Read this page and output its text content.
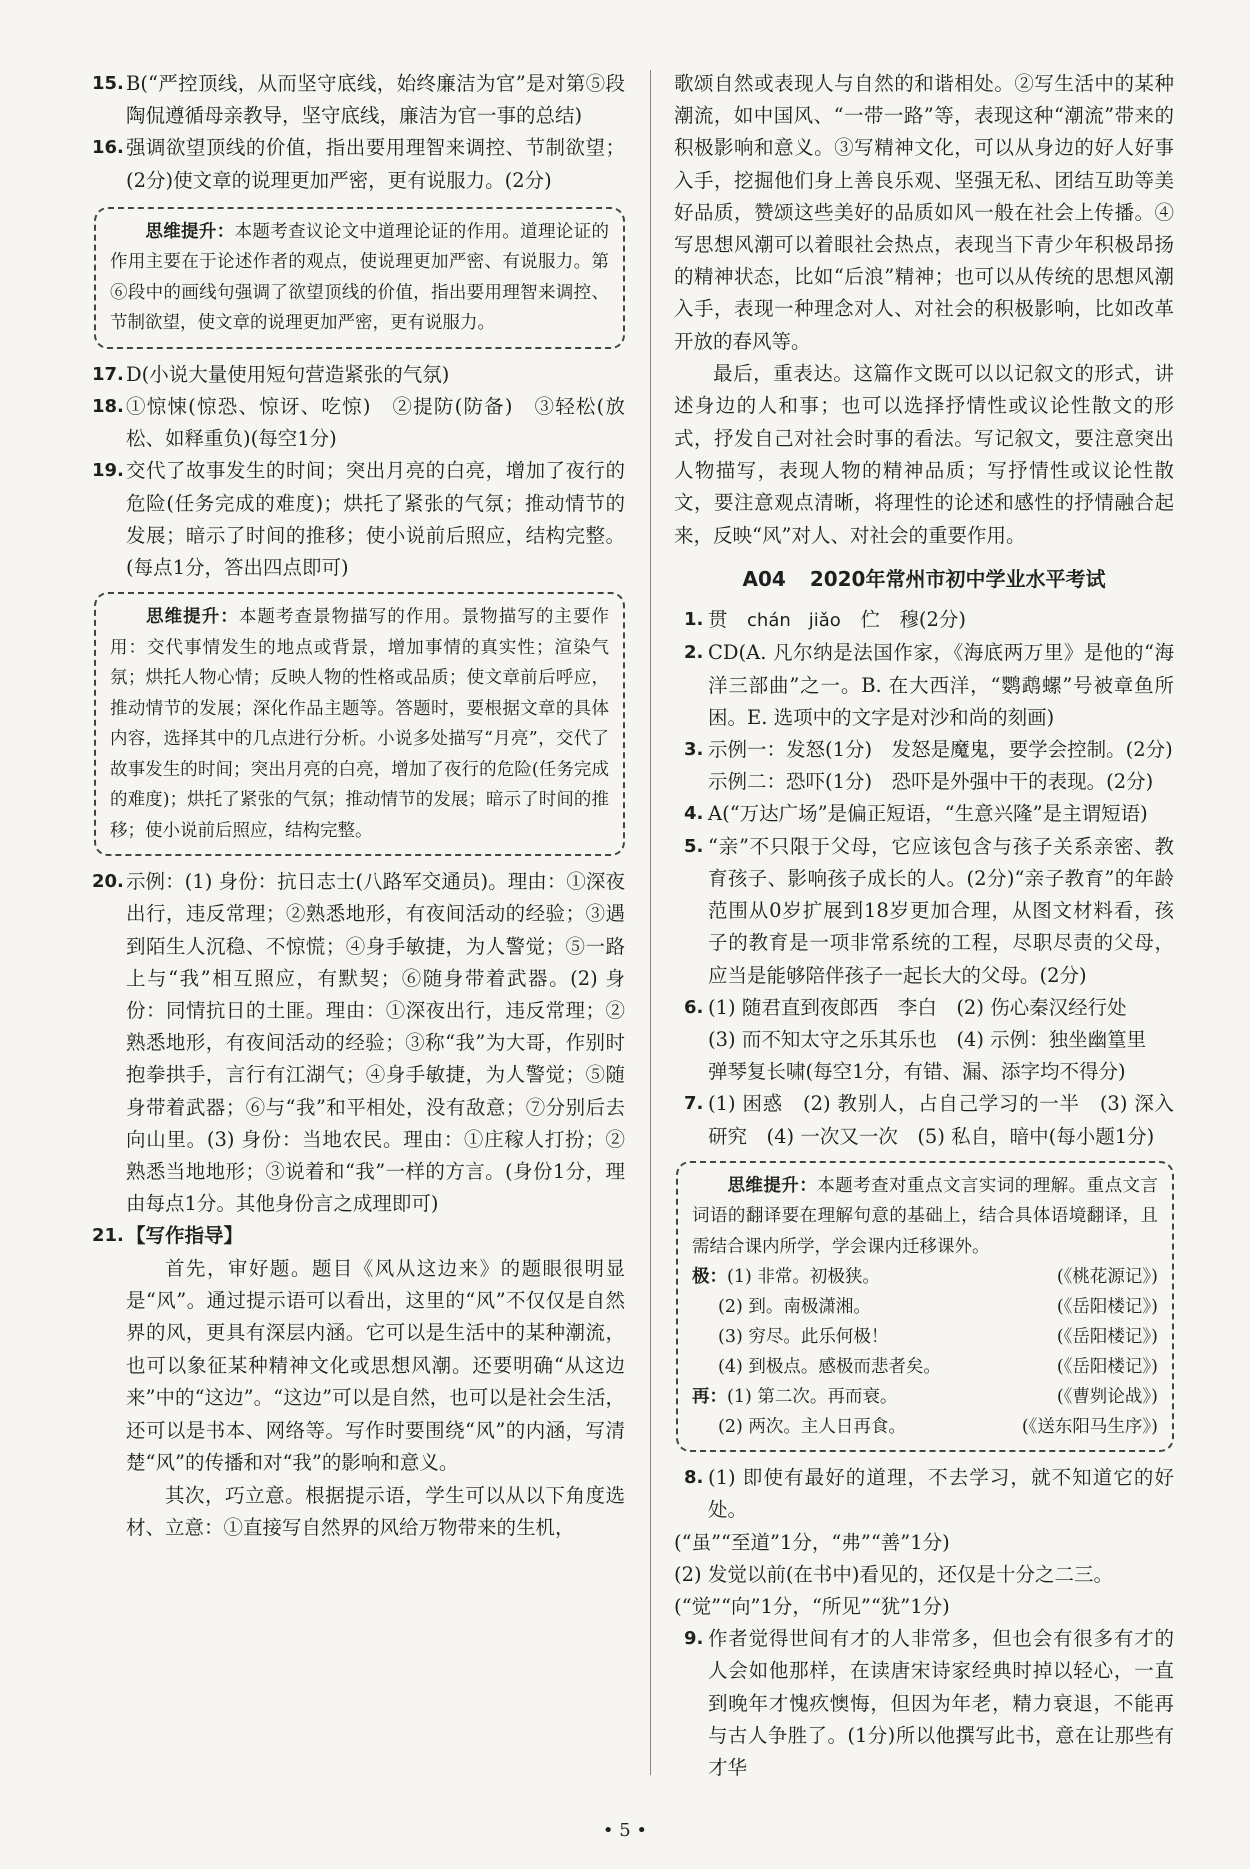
15. B(“严控顶线，从而坚守底线，始终廉洁为官”是对第⑤段陶侃遵循母亲教导，坚守底线，廉洁为官一事的总结)
16. 强调欲望顶线的价值，指出要用理智来调控、节制欲望；(2分)使文章的说理更加严密，更有说服力。(2分)
思维提升：本题考查议论文中道理论证的作用。道理论证的作用主要在于论述作者的观点，使说理更加严密、有说服力。第⑥段中的画线句强调了欲望顶线的价值，指出要用理智来调控、节制欲望，使文章的说理更加严密，更有说服力。
17. D(小说大量使用短句营造紧张的气氛)
18. ①惊悚(惊恐、惊讶、吃惊)　②提防(防备)　③轻松(放松、如释重负)(每空1分)
19. 交代了故事发生的时间；突出月亮的白亮，增加了夜行的危险(任务完成的难度)；烘托了紧张的气氛；推动情节的发展；暗示了时间的推移；使小说前后照应，结构完整。(每点1分，答出四点即可)
思维提升：本题考查景物描写的作用。景物描写的主要作用：交代事情发生的地点或背景，增加事情的真实性；渲染气氛；烘托人物心情；反映人物的性格或品质；使文章前后呼应，推动情节的发展；深化作品主题等。答题时，要根据文章的具体内容，选择其中的几点进行分析。小说多处描写“月亮”，交代了故事发生的时间；突出月亮的白亮，增加了夜行的危险(任务完成的难度)；烘托了紧张的气氛；推动情节的发展；暗示了时间的推移；使小说前后照应，结构完整。
20. 示例：(1) 身份：抗日志士(八路军交通员)。理由：①深夜出行，违反常理；②熟悉地形，有夜间活动的经验；③遇到陌生人沉稳、不惊慌；④身手敏捷，为人警觉；⑤一路上与“我”相互照应，有默契；⑥随身带着武器。(2) 身份：同情抗日的土匪。理由：①深夜出行，违反常理；②熟悉地形，有夜间活动的经验；③称“我”为大哥，作别时抱拳拱手，言行有江湖气；④身手敏捷，为人警觉；⑤随身带着武器；⑥与“我”和平相处，没有敌意；⑦分别后去向山里。(3) 身份：当地农民。理由：①庄稼人打扮；②熟悉当地地形；③说着和“我”一样的方言。(身份1分，理由每点1分。其他身份言之成理即可)
21. 【写作指导】

首先，审好题。题目《风从这边来》的题眼很明显是“风”。通过提示语可以看出，这里的“风”不仅仅是自然界的风，更具有深层内涵。它可以是生活中的某种潮流，也可以象征某种精神文化或思想风潮。还要明确“从这边来”中的“这边”。“这边”可以是自然，也可以是社会生活，还可以是书本、网络等。写作时要围绕“风”的内涵，写清楚“风”的传播和对“我”的影响和意义。

其次，巧立意。根据提示语，学生可以从以下角度选材、立意：①直接写自然界的风给万物带来的生机，

歌颂自然或表现人与自然的和谐相处。②写生活中的某种潮流，如中国风、“一带一路”等，表现这种“潮流”带来的积极影响和意义。③写精神文化，可以从身边的好人好事入手，挖掘他们身上善良乐观、坚强无私、团结互助等美好品质，赞颂这些美好的品质如风一般在社会上传播。④写思想风潮可以着眼社会热点，表现当下青少年积极昂扬的精神状态，比如“后浪”精神；也可以从传统的思想风潮入手，表现一种理念对人、对社会的积极影响，比如改革开放的春风等。

最后，重表达。这篇作文既可以以记叙文的形式，讲述身边的人和事；也可以选择抒情性或议论性散文的形式，抒发自己对社会时事的看法。写记叙文，要注意突出人物描写，表现人物的精神品质；写抒情性或议论性散文，要注意观点清晰，将理性的论述和感性的抒情融合起来，反映“风”对人、对社会的重要作用。

A04 2020年常州市初中学业水平考试
1. 贯　 chán　jiǎo　 伫　 穆(2分)
2. CD(A. 凡尔纳是法国作家，《海底两万里》是他的“海洋三部曲”之一。B. 在大西洋，“鹦鹉螺”号被章鱼所困。E. 选项中的文字是对沙和尚的刻画)
3. 示例一：发怒(1分)　发怒是魔鬼，要学会控制。(2分)
示例二：恐吓(1分)　恐吓是外强中干的表现。(2分)
4. A(“万达广场”是偏正短语，“生意兴隆”是主谓短语)
5. “亲”不只限于父母，它应该包含与孩子关系亲密、教育孩子、影响孩子成长的人。(2分)“亲子教育”的年龄范围从0岁扩展到18岁更加合理，从图文材料看，孩子的教育是一项非常系统的工程，尽职尽责的父母，应当是能够陪伴孩子一起长大的父母。(2分)
6. (1) 随君直到夜郎西　李白　(2) 伤心秦汉经行处
(3) 而不知太守之乐其乐也　(4) 示例：独坐幽篁里
弹琴复长啸(每空1分，有错、漏、添字均不得分)
7. (1) 困惑　(2) 教别人，占自己学习的一半　(3) 深入研究　(4) 一次又一次　(5) 私自，暗中(每小题1分)
思维提升：本题考查对重点文言实词的理解。重点文言词语的翻译要在理解句意的基础上，结合具体语境翻译，且需结合课内所学，学会课内迁移课外。
极：(1) 非常。初极狭。	(《桃花源记》)
(2) 到。南极潇湘。	(《岳阳楼记》)
(3) 穷尽。此乐何极！	(《岳阳楼记》)
(4) 到极点。感极而悲者矣。	(《岳阳楼记》)
再：(1) 第二次。再而衰。	(《曹刿论战》)
(2) 两次。主人日再食。	(《送东阳马生序》)
8. (1) 即使有最好的道理，不去学习，就不知道它的好处。
(“虽”“至道”1分，“弗”“善”1分)
(2) 发觉以前(在书中)看见的，还仅是十分之二三。
(“觉”“向”1分，“所见”“犹”1分)
9. 作者觉得世间有才的人非常多，但也会有很多有才的人会如他那样，在读唐宋诗家经典时掉以轻心，一直到晚年才愧疚懊悔，但因为年老，精力衰退，不能再与古人争胜了。(1分)所以他撰写此书，意在让那些有才华
• 5 •
